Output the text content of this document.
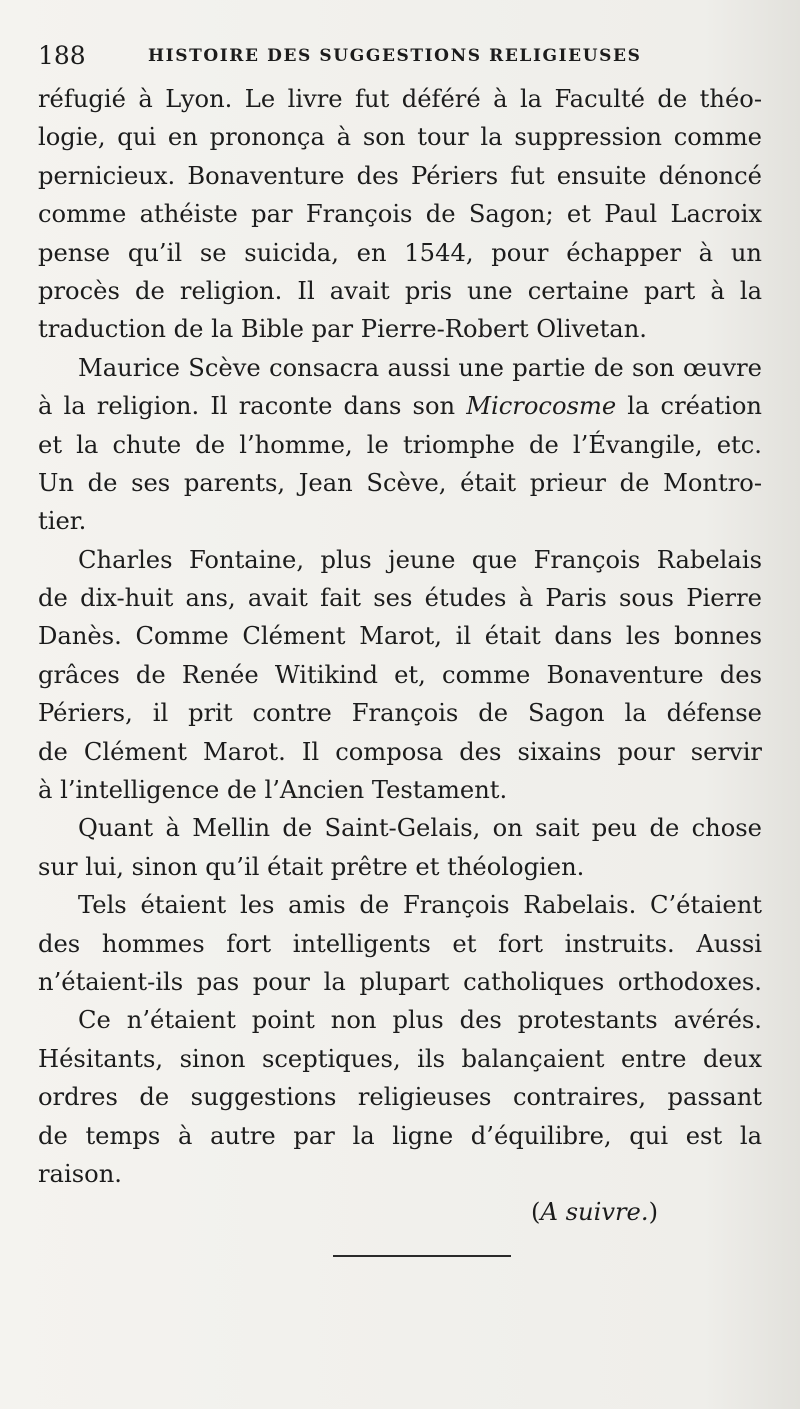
188	HISTOIRE DES SUGGESTIONS RELIGIEUSES
réfugié à Lyon. Le livre fut déféré à la Faculté de théo-
logie, qui en prononça à son tour la suppression comme
pernicieux. Bonaventure des Périers fut ensuite dénoncé
comme athéiste par François de Sagon; et Paul Lacroix
pense qu’il se suicida, en 1544, pour échapper à un
procès de religion. Il avait pris une certaine part à la
traduction de la Bible par Pierre-Robert Olivetan.
Maurice Scève consacra aussi une partie de son œuvre
à la religion. Il raconte dans son Microcosme la création
et la chute de l’homme, le triomphe de l’Évangile, etc.
Un de ses parents, Jean Scève, était prieur de Montro-
tier.
Charles Fontaine, plus jeune que François Rabelais
de dix-huit ans, avait fait ses études à Paris sous Pierre
Danès. Comme Clément Marot, il était dans les bonnes
grâces de Renée Witikind et, comme Bonaventure des
Périers, il prit contre François de Sagon la défense
de Clément Marot. Il composa des sixains pour servir
à l’intelligence de l’Ancien Testament.
Quant à Mellin de Saint-Gelais, on sait peu de chose
sur lui, sinon qu’il était prêtre et théologien.
Tels étaient les amis de François Rabelais. C’étaient
des hommes fort intelligents et fort instruits. Aussi
n’étaient-ils pas pour la plupart catholiques orthodoxes.
Ce n’étaient point non plus des protestants avérés.
Hésitants, sinon sceptiques, ils balançaient entre deux
ordres de suggestions religieuses contraires, passant
de temps à autre par la ligne d’équilibre, qui est la
raison.
(A suivre.)
